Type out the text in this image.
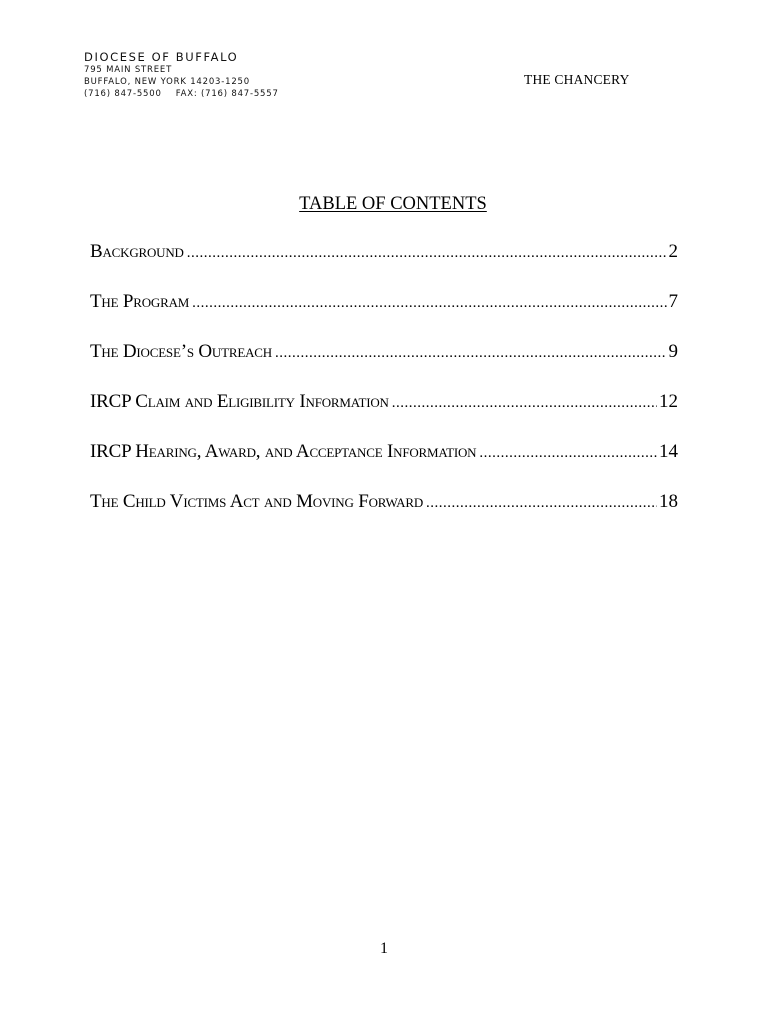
DIOCESE OF BUFFALO
795 MAIN STREET
BUFFALO, NEW YORK 14203-1250
(716) 847-5500 FAX: (716) 847-5557
THE CHANCERY
TABLE OF CONTENTS
Background .....	2
The Program .....	7
The Diocese’s Outreach .....	9
IRCP Claim and Eligibility Information .....	12
IRCP Hearing, Award, and Acceptance Information .....	14
The Child Victims Act and Moving Forward .....	18
1
